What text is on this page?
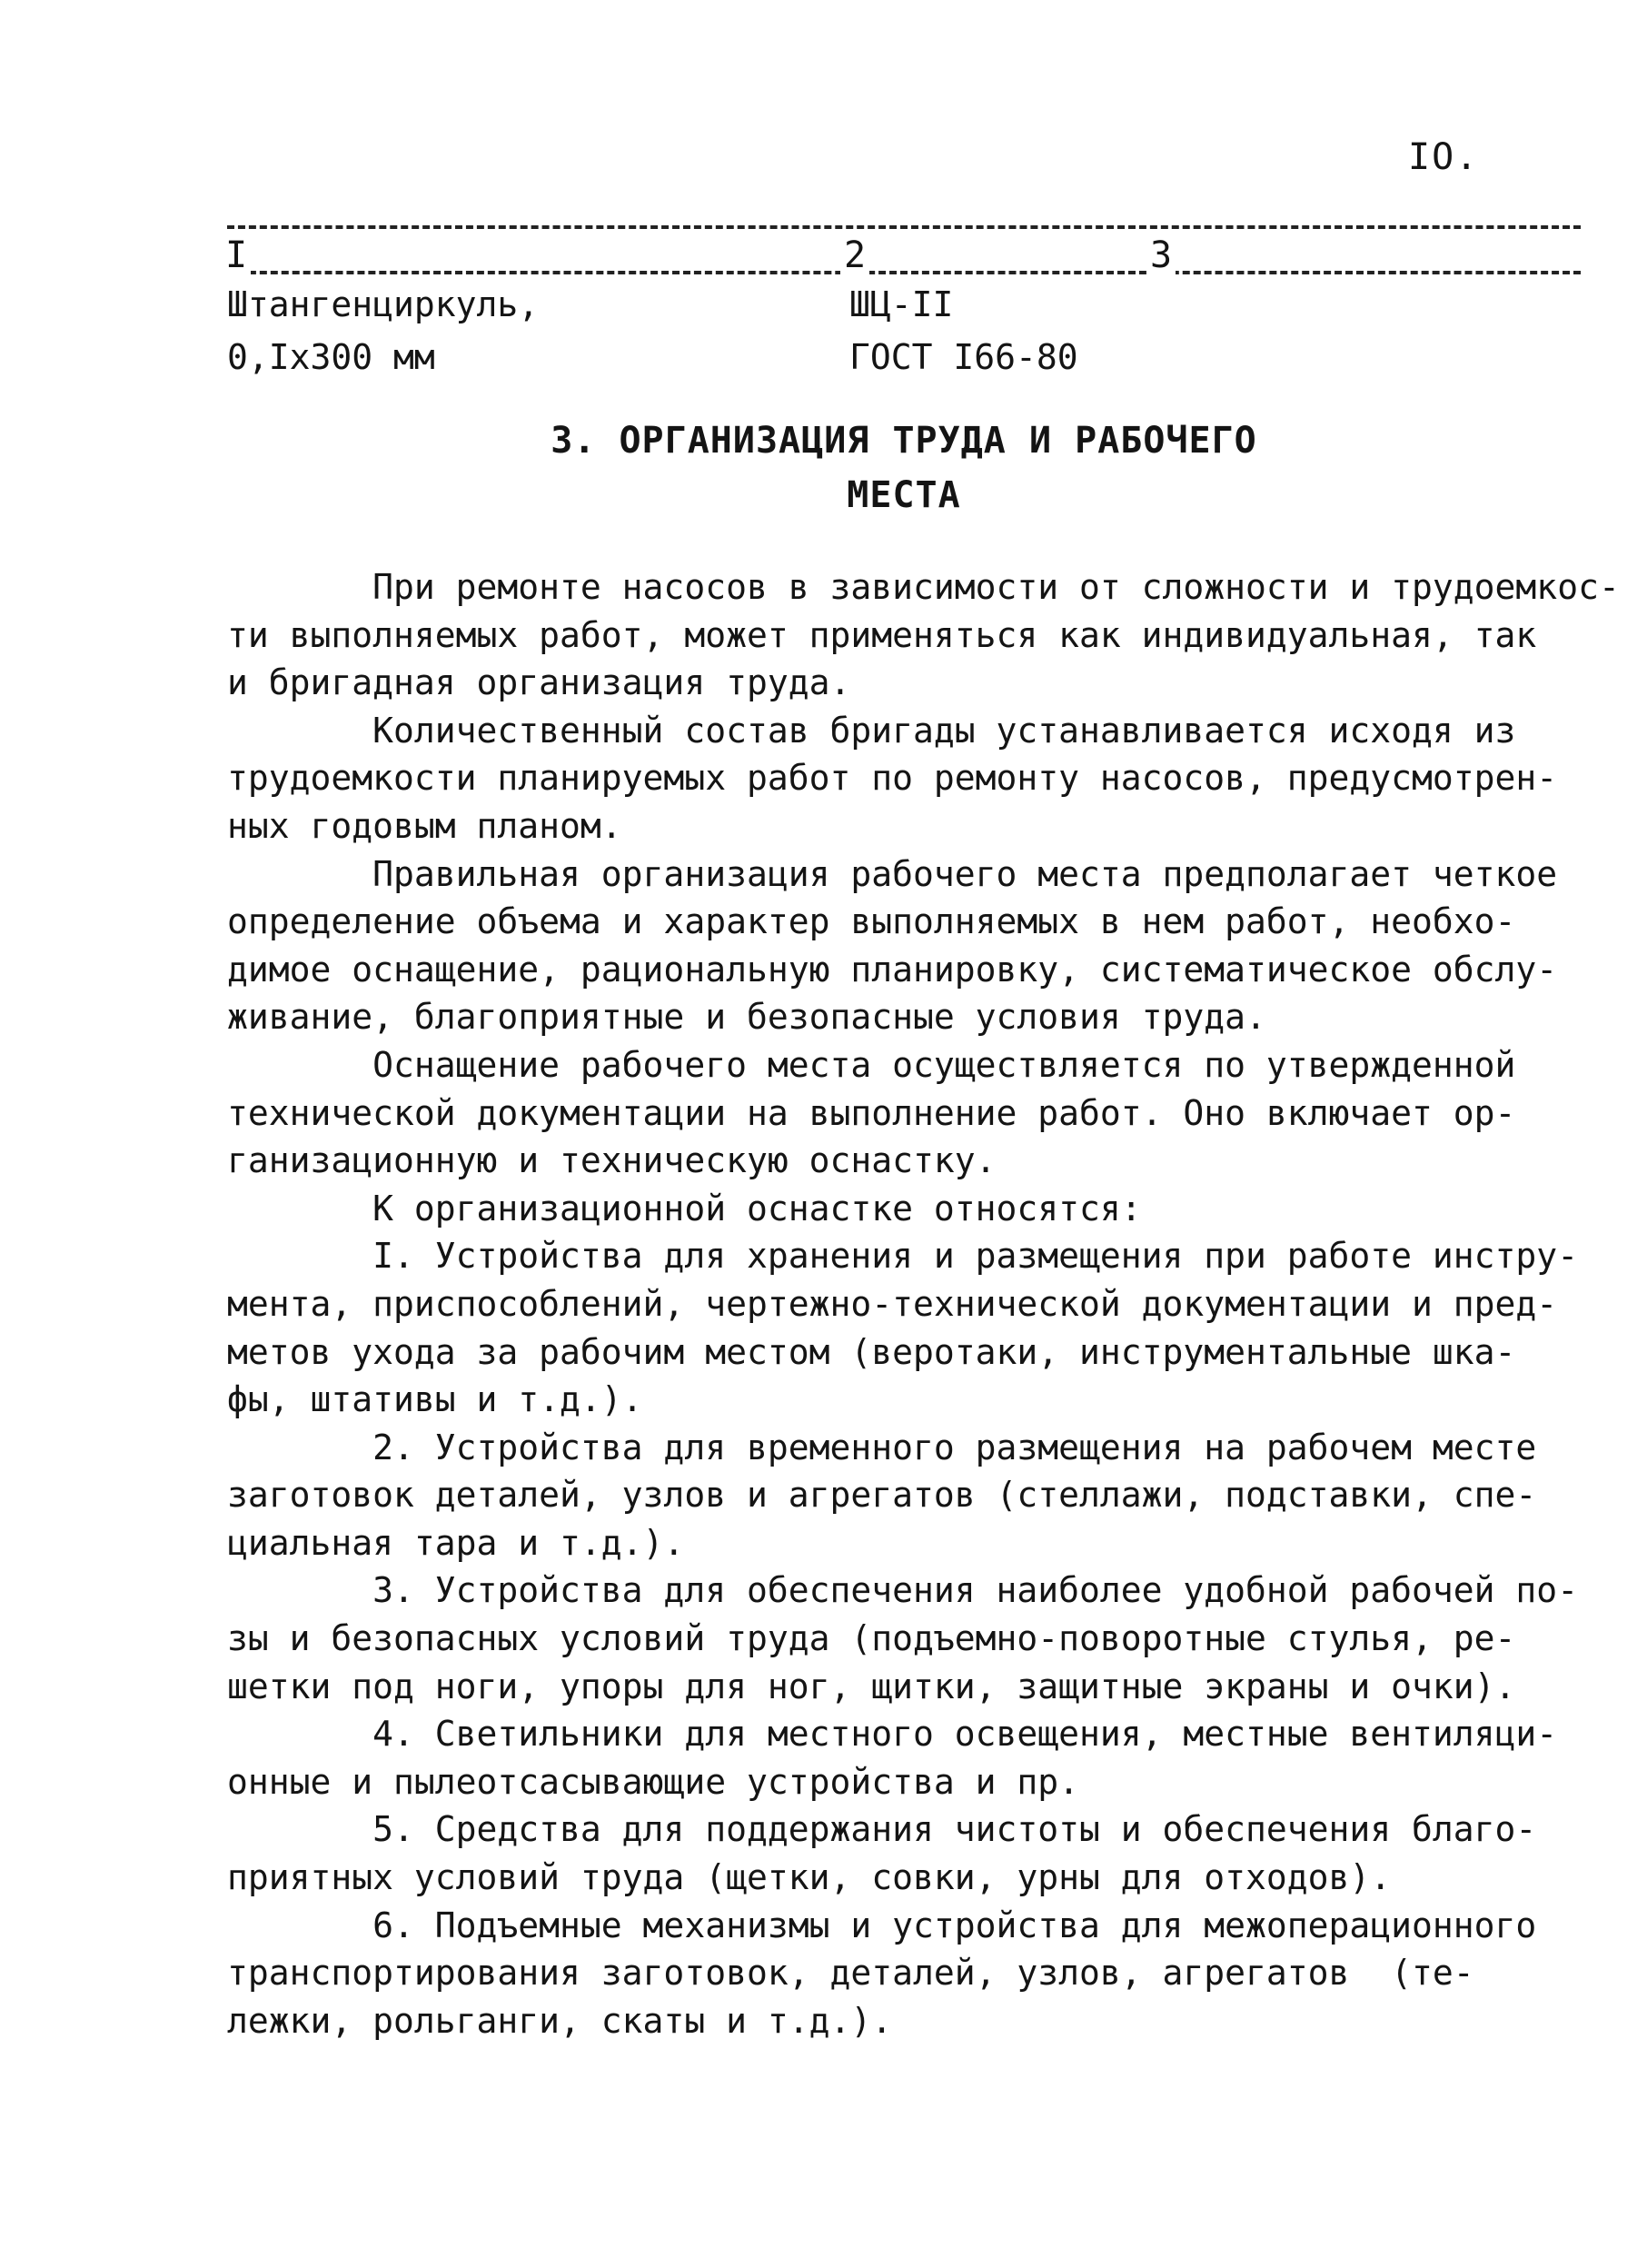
IO.
I	2	3
Штангенциркуль,
0,Iх300 мм
ШЦ-II
ГОСТ I66-80
3. ОРГАНИЗАЦИЯ ТРУДА И РАБОЧЕГО
МЕСТА
При ремонте насосов в зависимости от сложности и трудоемкос-
ти выполняемых работ, может применяться как индивидуальная, так
и бригадная организация труда.
Количественный состав бригады устанавливается исходя из
трудоемкости планируемых работ по ремонту насосов, предусмотрен-
ных годовым планом.
Правильная организация рабочего места предполагает четкое
определение объема и характер выполняемых в нем работ, необхо-
димое оснащение, рациональную планировку, систематическое обслу-
живание, благоприятные и безопасные условия труда.
Оснащение рабочего места осуществляется по утвержденной
технической документации на выполнение работ. Оно включает ор-
ганизационную и техническую оснастку.
К организационной оснастке относятся:
I. Устройства для хранения и размещения при работе инстру-
мента, приспособлений, чертежно-технической документации и пред-
метов ухода за рабочим местом (веротаки, инструментальные шка-
фы, штативы и т.д.).
2. Устройства для временного размещения на рабочем месте
заготовок деталей, узлов и агрегатов (стеллажи, подставки, спе-
циальная тара и т.д.).
3. Устройства для обеспечения наиболее удобной рабочей по-
зы и безопасных условий труда (подъемно-поворотные стулья, ре-
шетки под ноги, упоры для ног, щитки, защитные экраны и очки).
4. Светильники для местного освещения, местные вентиляци-
онные и пылеотсасывающие устройства и пр.
5. Средства для поддержания чистоты и обеспечения благо-
приятных условий труда (щетки, совки, урны для отходов).
6. Подъемные механизмы и устройства для межоперационного
транспортирования заготовок, деталей, узлов, агрегатов  (те-
лежки, рольганги, скаты и т.д.).
